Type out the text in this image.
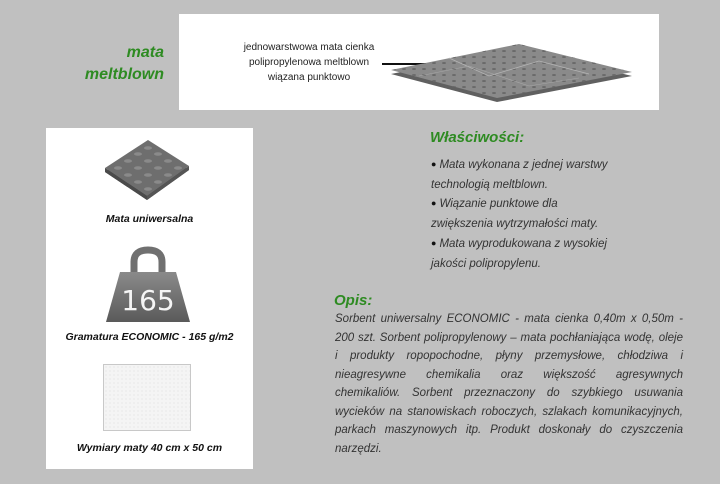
mata
meltblown
jednowarstwowa mata cienka
polipropylenowa meltblown
wiązana punktowo
Mata uniwersalna
165
Gramatura ECONOMIC - 165 g/m2
Wymiary maty 40 cm x 50 cm
Właściwości:
● Mata wykonana z jednej warstwy
technologią meltblown.
● Wiązanie punktowe dla
zwiększenia wytrzymałości maty.
● Mata wyprodukowana z wysokiej
jakości polipropylenu.
Opis:
Sorbent uniwersalny ECONOMIC - mata cienka 0,40m x 0,50m - 200 szt. Sorbent polipropylenowy – mata pochłaniająca wodę, oleje i produkty ropopochodne, płyny przemysłowe, chłodziwa i nieagresywne chemikalia oraz większość agresywnych chemikaliów. Sorbent przeznaczony do szybkiego usuwania wycieków na stanowiskach roboczych, szlakach komunikacyjnych, parkach maszynowych itp. Produkt doskonały do czyszczenia narzędzi.
